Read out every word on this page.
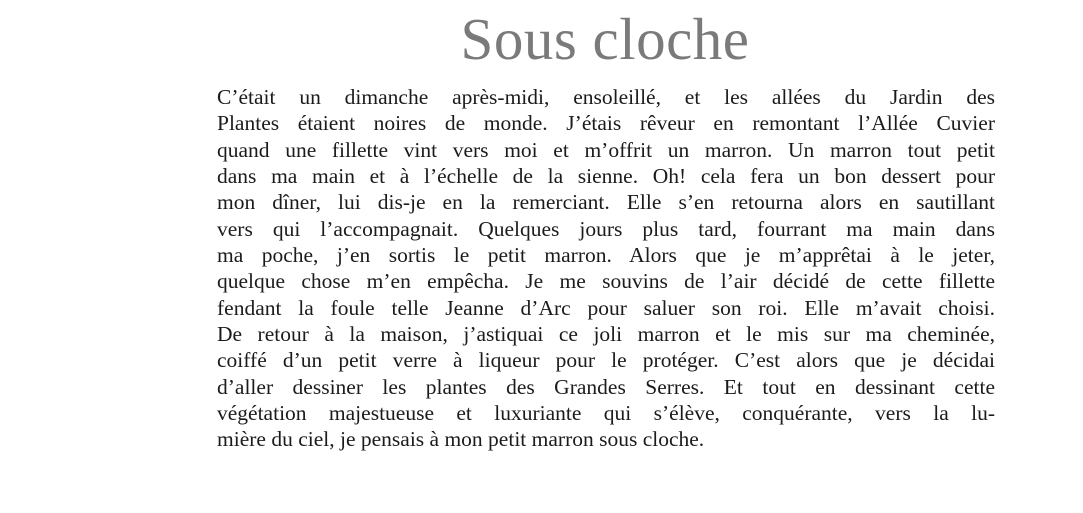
Sous cloche
C’était un dimanche après-midi, ensoleillé, et les allées du Jardin des
Plantes étaient noires de monde. J’étais rêveur en remontant l’Allée Cuvier
quand une fillette vint vers moi et m’offrit un marron. Un marron tout petit
dans ma main et à l’échelle de la sienne. Oh! cela fera un bon dessert pour
mon dîner, lui dis-je en la remerciant. Elle s’en retourna alors en sautillant
vers qui l’accompagnait. Quelques jours plus tard, fourrant ma main dans
ma poche, j’en sortis le petit marron. Alors que je m’apprêtai à le jeter,
quelque chose m’en empêcha. Je me souvins de l’air décidé de cette fillette
fendant la foule telle Jeanne d’Arc pour saluer son roi. Elle m’avait choisi.
De retour à la maison, j’astiquai ce joli marron et le mis sur ma cheminée,
coiffé d’un petit verre à liqueur pour le protéger. C’est alors que je décidai
d’aller dessiner les plantes des Grandes Serres. Et tout en dessinant cette
végétation majestueuse et luxuriante qui s’élève, conquérante, vers la lu-
mière du ciel, je pensais à mon petit marron sous cloche.
